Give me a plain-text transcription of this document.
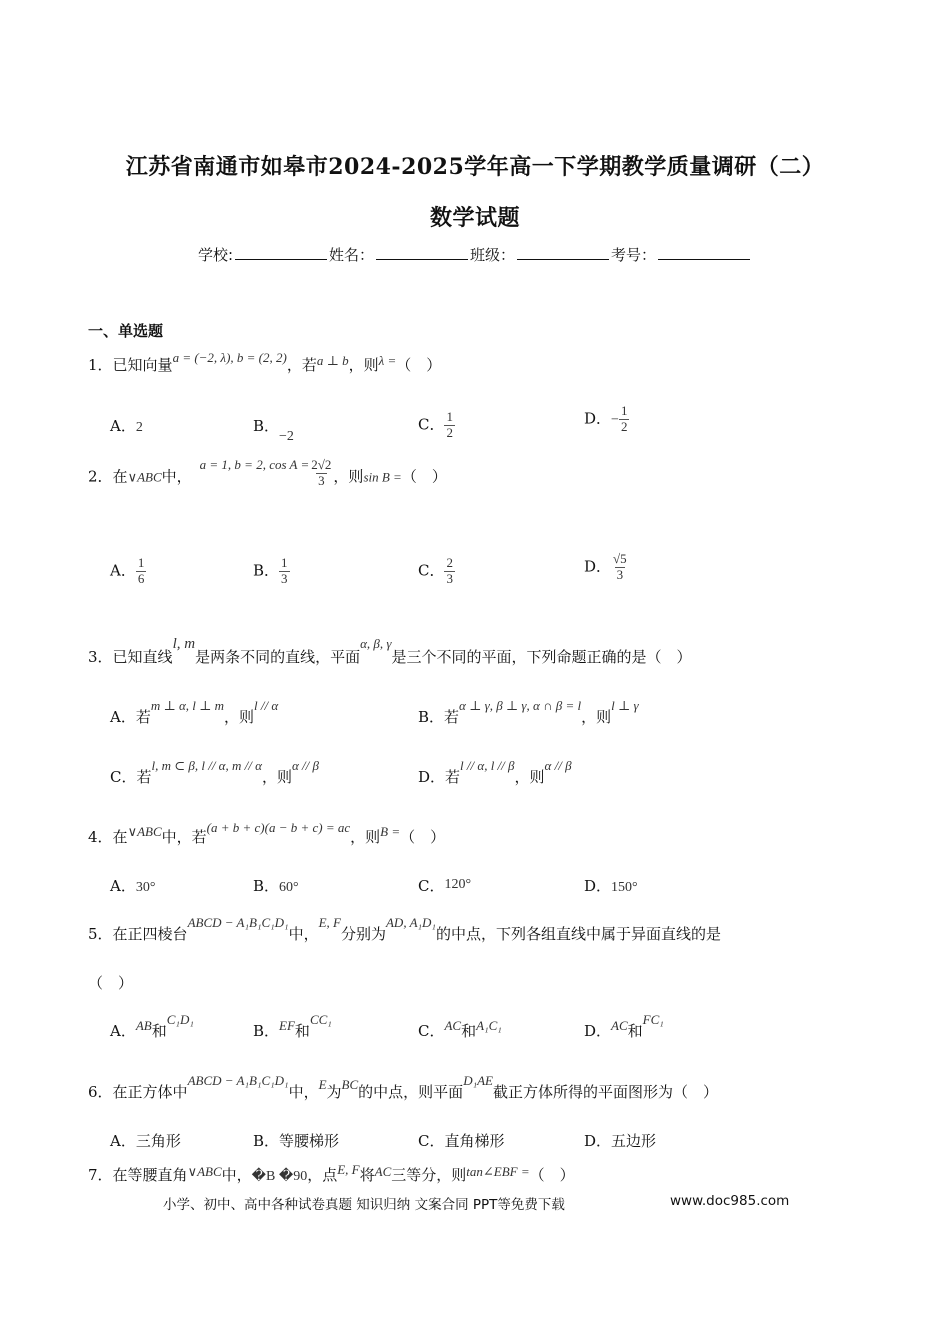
江苏省南通市如皋市2024-2025学年高一下学期教学质量调研（二）
数学试题
学校:	姓名：	班级：	考号：
一、单选题
1．已知向量a = (−2, λ), b = (2, 2)，若a ⊥ b，则λ =（　）
A．2	B．−2
C． $\frac{1}{2}$	D．− $\frac{1}{2}$
2．在∨ABC中，a = 1, b = 2, $\cos A = \frac{2√2}{3}$ ，则sin B =（　）
A． $\frac{1}{6}$	B． $\frac{1}{3}$	C． $\frac{2}{3}$	D． $\frac{√5}{3}$
3．已知直线l, m是两条不同的直线，平面α, β, γ是三个不同的平面，下列命题正确的是（　）
A．若m ⊥ α, l ⊥ m，则l // α
B．若α ⊥ γ, β ⊥ γ, α ∩ β = l，则l ⊥ γ
C．若l, m ⊂ β, l // α, m // α，则α // β
D．若l // α, l // β，则α // β
4．在∨ABC中，若(a + b + c)(a − b + c) = ac，则B =（　）
A．30°	B．60°	C．120°	D．150°
5．在正四棱台ABCD − A₁B₁C₁D₁中，E, F分别为AD, A₁D₁的中点，下列各组直线中属于异面直线的是
（　）
A．AB和C₁D₁
B．EF和CC₁
C．AC和A₁C₁	D．AC和FC₁
6．在正方体中ABCD − A₁B₁C₁D₁中，E为BC的中点，则平面D₁AE截正方体所得的平面图形为（　）
A．三角形	B．等腰梯形	C．直角梯形	D．五边形
7．在等腰直角∨ABC中，�B �90，点E, F将AC三等分，则tan∠EBF =（　）
小学、初中、高中各种试卷真题 知识归纳 文案合同 PPT等免费下载	www.doc985.com
